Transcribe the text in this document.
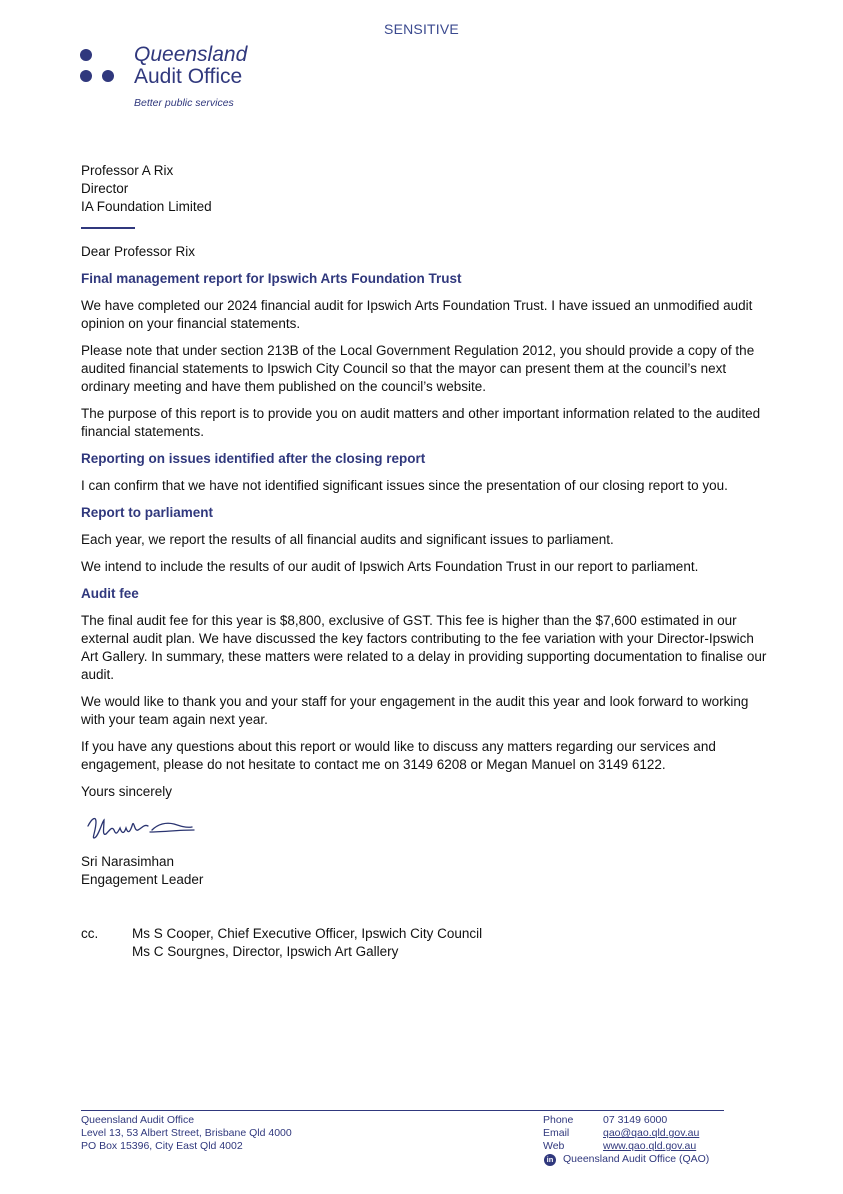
SENSITIVE
Queensland
Audit Office
Better public services
Professor A Rix
Director
IA Foundation Limited

Dear Professor Rix

Final management report for Ipswich Arts Foundation Trust

We have completed our 2024 financial audit for Ipswich Arts Foundation Trust. I have issued an unmodified audit opinion on your financial statements.

Please note that under section 213B of the Local Government Regulation 2012, you should provide a copy of the audited financial statements to Ipswich City Council so that the mayor can present them at the council’s next ordinary meeting and have them published on the council’s website.

The purpose of this report is to provide you on audit matters and other important information related to the audited financial statements.

Reporting on issues identified after the closing report

I can confirm that we have not identified significant issues since the presentation of our closing report to you.

Report to parliament

Each year, we report the results of all financial audits and significant issues to parliament.

We intend to include the results of our audit of Ipswich Arts Foundation Trust in our report to parliament.

Audit fee

The final audit fee for this year is $8,800, exclusive of GST. This fee is higher than the $7,600 estimated in our external audit plan. We have discussed the key factors contributing to the fee variation with your Director-Ipswich Art Gallery. In summary, these matters were related to a delay in providing supporting documentation to finalise our audit.

We would like to thank you and your staff for your engagement in the audit this year and look forward to working with your team again next year.

If you have any questions about this report or would like to discuss any matters regarding our services and engagement, please do not hesitate to contact me on 3149 6208 or Megan Manuel on 3149 6122.

Yours sincerely

Sri Narasimhan
Engagement Leader
cc. Ms S Cooper, Chief Executive Officer, Ipswich City Council
Ms C Sourgnes, Director, Ipswich Art Gallery
Queensland Audit Office
Level 13, 53 Albert Street, Brisbane Qld 4000
PO Box 15396, City East Qld 4002
Phone	07 3149 6000
Email	qao@qao.qld.gov.au
Web	www.qao.qld.gov.au
in Queensland Audit Office (QAO)
